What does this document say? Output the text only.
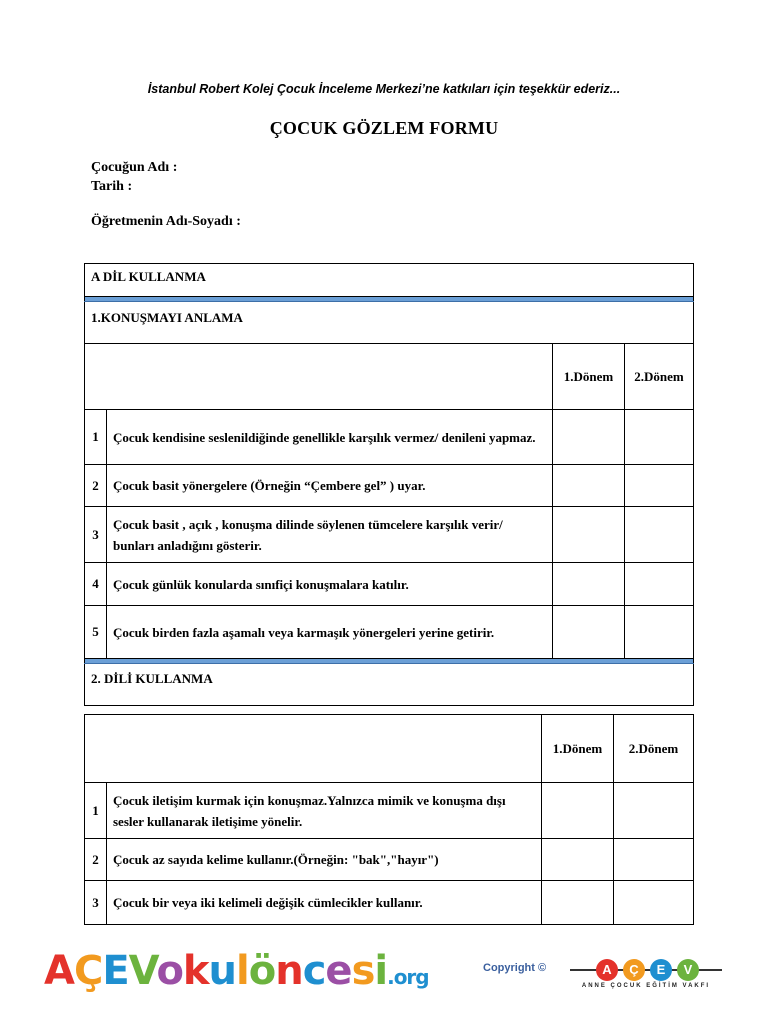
İstanbul Robert Kolej Çocuk İnceleme Merkezi’ne katkıları için teşekkür ederiz...
ÇOCUK GÖZLEM FORMU
Çocuğun Adı :
Tarih :
Öğretmenin Adı-Soyadı :
A DİL KULLANMA			

1.KONUŞMAYI ANLAMA			
		1.Dönem	2.Dönem
1	Çocuk kendisine seslenildiğinde genellikle karşılık vermez/ denileni yapmaz.		
2	Çocuk basit yönergelere (Örneğin “Çembere gel” ) uyar.		
3	Çocuk basit , açık , konuşma dilinde söylenen tümcelere karşılık verir/ bunları anladığını gösterir.		
4	Çocuk günlük konularda sınıfiçi konuşmalara katılır.		
5	Çocuk birden fazla aşamalı veya karmaşık yönergeleri yerine getirir.		

2. DİLİ KULLANMA			
		1.Dönem	2.Dönem
1	Çocuk iletişim kurmak için konuşmaz.Yalnızca mimik ve konuşma dışı sesler kullanarak iletişime yönelir.		
2	Çocuk az sayıda kelime kullanır.(Örneğin: "bak","hayır")		
3	Çocuk bir veya iki kelimeli değişik cümlecikler kullanır.		
AÇEVokulöncesi.org	Copyright ©	A	Ç	E	V
ANNE ÇOCUK EĞİTİM VAKFI
